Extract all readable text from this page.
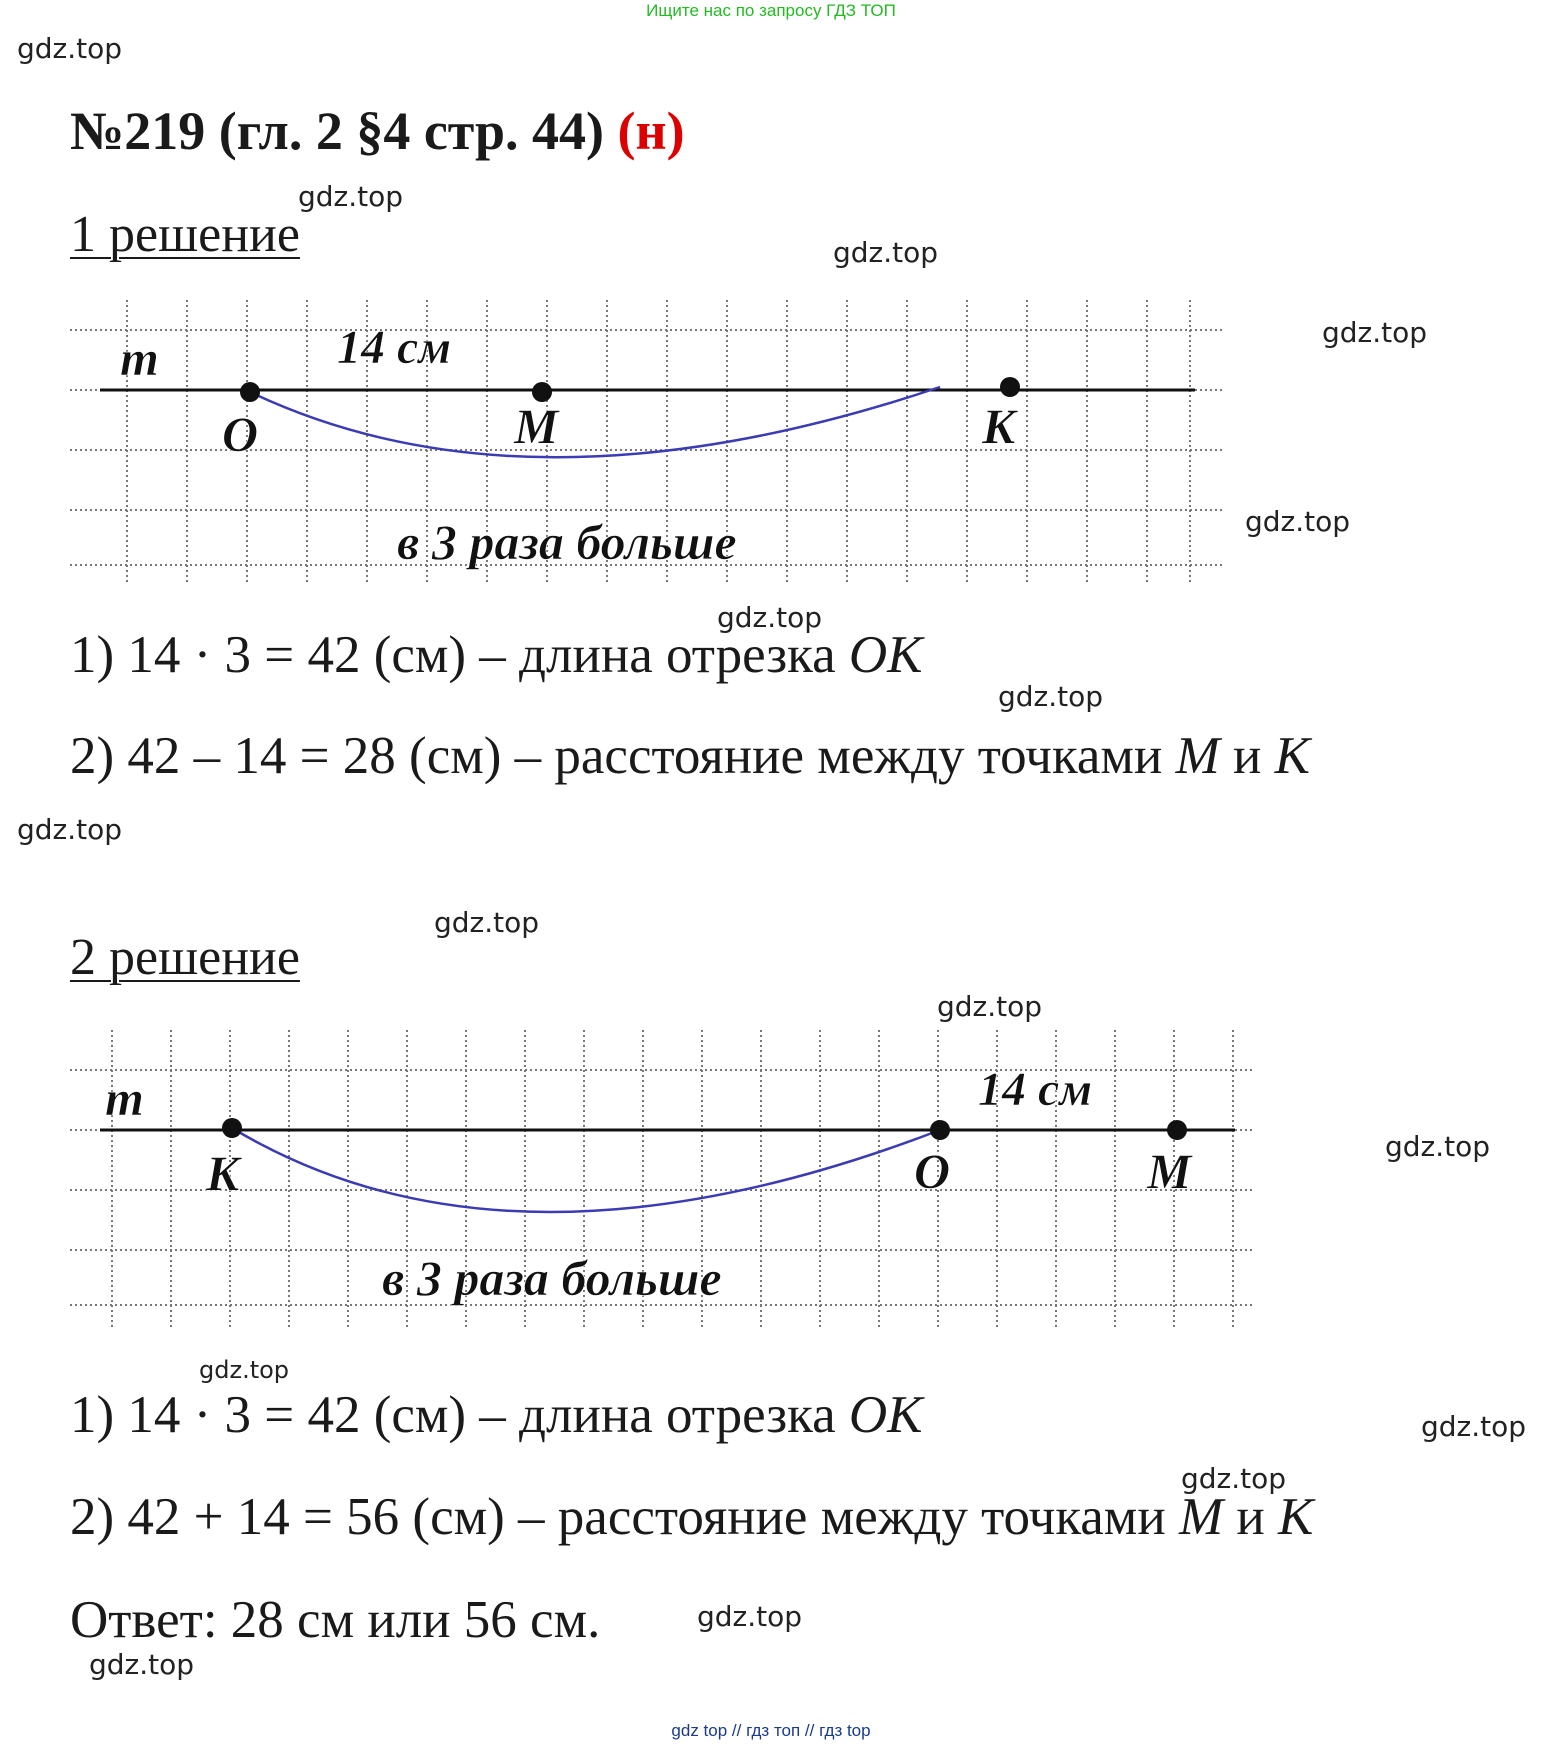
Ищите нас по запросу ГДЗ ТОП
gdz.top
gdz.top
gdz.top
gdz.top
gdz.top
gdz.top
gdz.top
gdz.top
gdz.top
gdz.top
gdz.top
gdz.top
gdz.top
gdz.top
gdz.top
gdz.top
№219 (гл. 2 §4 стр. 44) (н)
1 решение
m	14 см
O	M	K
в 3 раза больше
1) 14 · 3 = 42 (см) – длина отрезка OK
2) 42 – 14 = 28 (см) – расстояние между точками M и K
2 решение
m	14 см
K	O	M
в 3 раза больше
1) 14 · 3 = 42 (см) – длина отрезка OK
2) 42 + 14 = 56 (см) – расстояние между точками M и K
Ответ: 28 см или 56 см.
gdz top // гдз топ // гдз top
